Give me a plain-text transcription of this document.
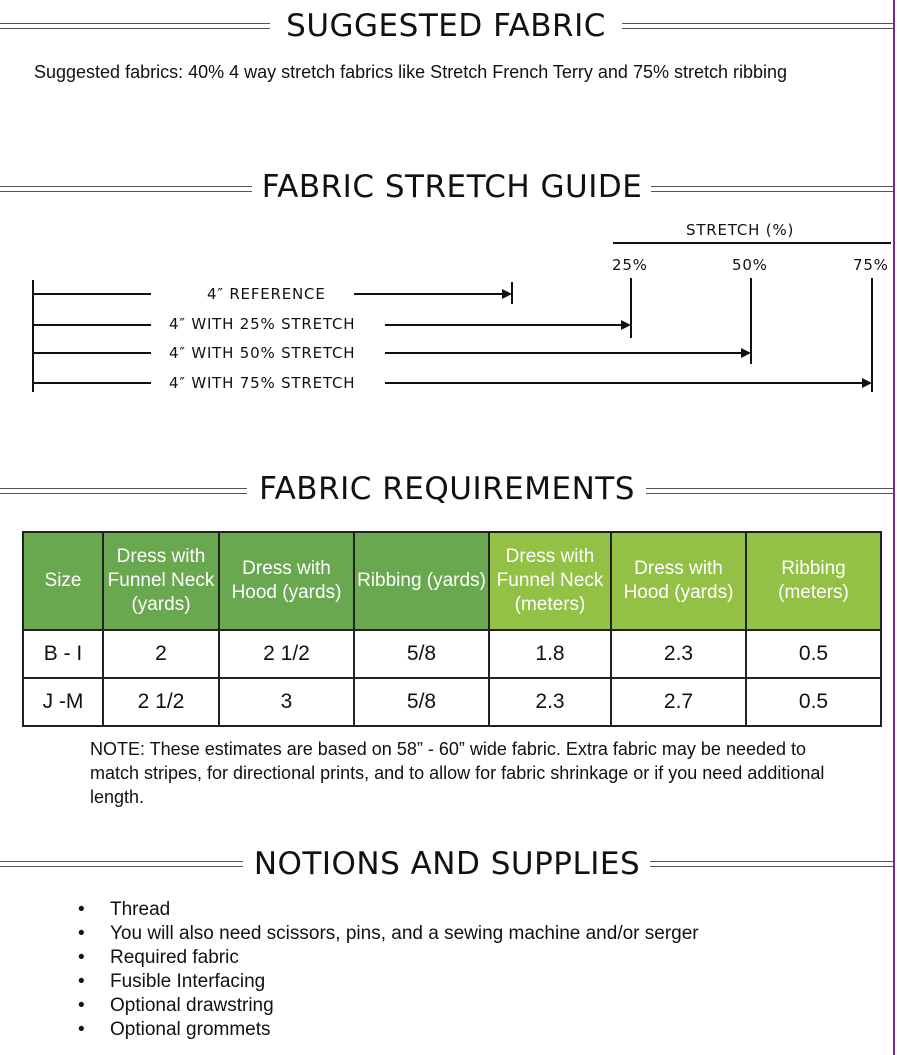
SUGGESTED FABRIC
Suggested fabrics: 40% 4 way stretch fabrics like Stretch French Terry and 75% stretch ribbing
FABRIC STRETCH GUIDE
STRETCH (%)
25%	50%	75%
4″ REFERENCE
4″ WITH 25% STRETCH
4″ WITH 50% STRETCH
4″ WITH 75% STRETCH
FABRIC REQUIREMENTS
Size	Dress with Funnel Neck (yards)	Dress with Hood (yards)	Ribbing (yards)	Dress with Funnel Neck (meters)	Dress with Hood (yards)	Ribbing (meters)
B - I	2	2 1/2	5/8	1.8	2.3	0.5
J -M	2 1/2	3	5/8	2.3	2.7	0.5
NOTE: These estimates are based on 58” - 60” wide fabric. Extra fabric may be needed to match stripes, for directional prints, and to allow for fabric shrinkage or if you need additional length.
NOTIONS AND SUPPLIES
• Thread
• You will also need scissors, pins, and a sewing machine and/or serger
• Required fabric
• Fusible Interfacing
• Optional drawstring
• Optional grommets
